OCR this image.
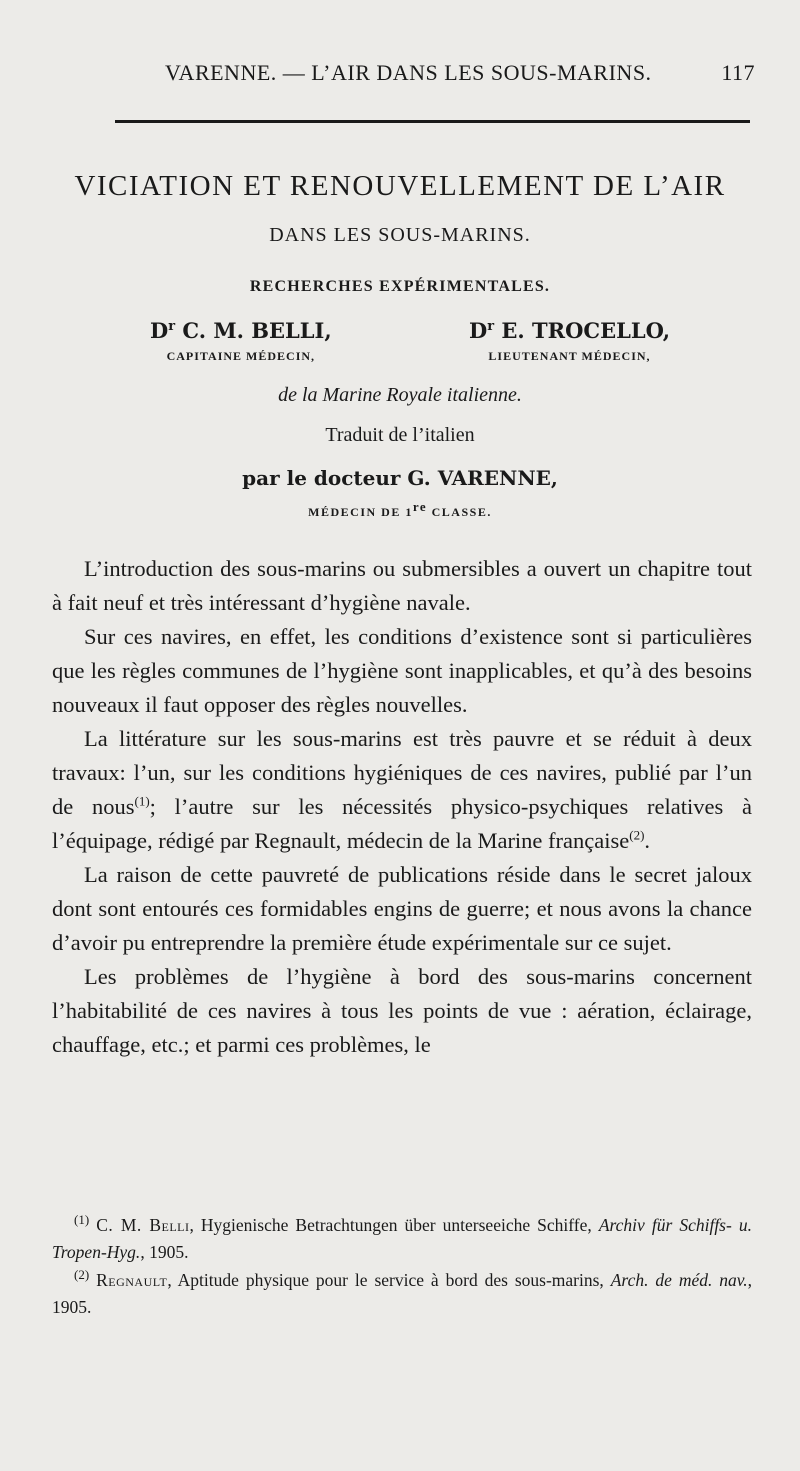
VARENNE. — L’AIR DANS LES SOUS-MARINS.	117
VICIATION ET RENOUVELLEMENT DE L’AIR
DANS LES SOUS-MARINS.
RECHERCHES EXPÉRIMENTALES.
$D^r$ C. M. BELLI,
CAPITAINE MÉDECIN,
$D^r$ E. TROCELLO,
LIEUTENANT MÉDECIN,
de la Marine Royale italienne.
Traduit de l’italien
par le docteur G. VARENNE,
MÉDECIN DE 1re CLASSE.

L’introduction des sous-marins ou submersibles a ouvert un chapitre tout à fait neuf et très intéressant d’hygiène navale.

Sur ces navires, en effet, les conditions d’existence sont si particulières que les règles communes de l’hygiène sont inapplicables, et qu’à des besoins nouveaux il faut opposer des règles nouvelles.

La littérature sur les sous-marins est très pauvre et se réduit à deux travaux: l’un, sur les conditions hygiéniques de ces navires, publié par l’un de nous$^{(1)}$; l’autre sur les nécessités physico-psychiques relatives à l’équipage, rédigé par Regnault, médecin de la Marine française$^{(2)}$.

La raison de cette pauvreté de publications réside dans le secret jaloux dont sont entourés ces formidables engins de guerre; et nous avons la chance d’avoir pu entreprendre la première étude expérimentale sur ce sujet.

Les problèmes de l’hygiène à bord des sous-marins concernent l’habitabilité de ces navires à tous les points de vue : aération, éclairage, chauffage, etc.; et parmi ces problèmes, le

$^{(1)}$ C. M. Belli, Hygienische Betrachtungen über unterseeiche Schiffe, Archiv für Schiffs- u. Tropen-Hyg., 1905.

$^{(2)}$ Regnault, Aptitude physique pour le service à bord des sous-marins, Arch. de méd. nav., 1905.
